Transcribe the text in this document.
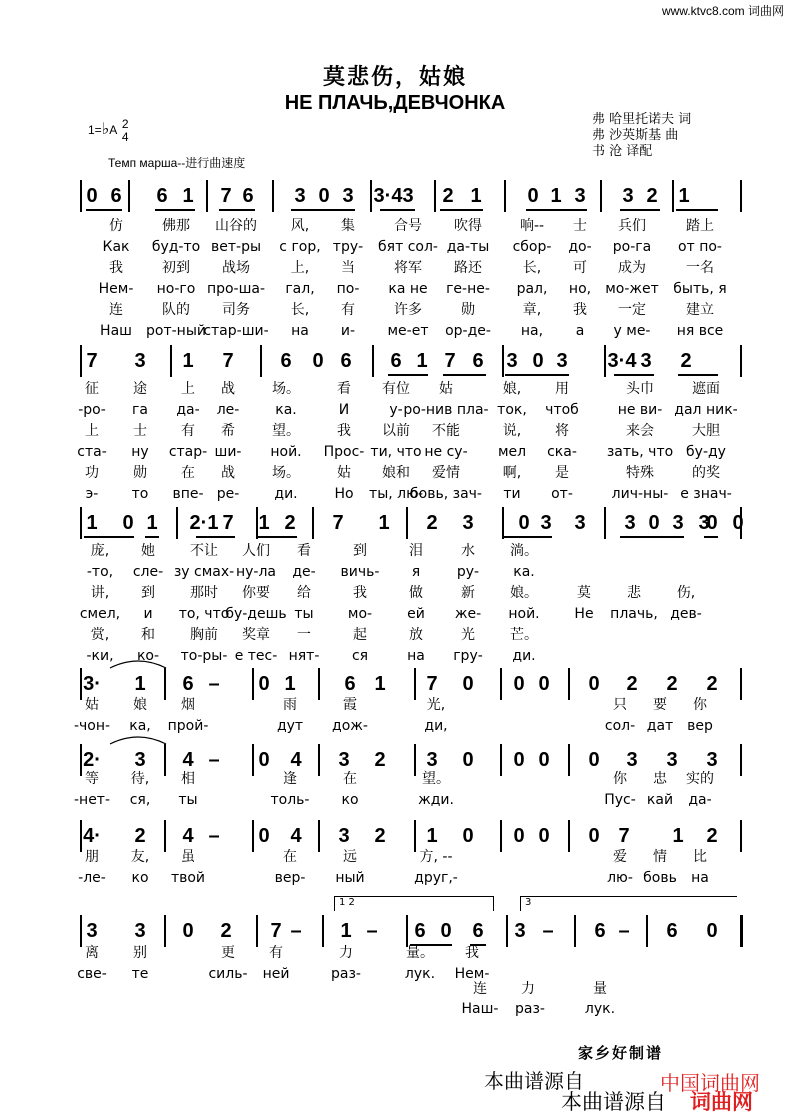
www.ktvc8.com 词曲网
莫悲伤，姑娘
НЕ ПЛАЧЬ,ДЕВЧОНКА
弗 哈里托诺夫 词
弗 沙英斯基 曲
书 沧 译配
1=♭A 2
4
Темп марша--进行曲速度
0 6 6 1 7 6 3 0 3 3·4 3 2 1 0 1 3 3 2 1
仿	佛那 山谷的 风, 集	合号 吹得	响-- 士 兵们	踏上
Как буд-то вет-ры с гор, тру- бят сол- да-ты сбор- до- ро-га от по-
我	初到 战场	上, 当	将军 路还	长, 可 成为	一名
Нем- но-го про-ша- гал, по- ка не ге-не- рал, но, мо-жет быть, я
连	队的 司务	长, 有	许多	勋	章, 我 一定	建立
Наш рот-ный
стар-ши- на и- ме-ет ор-де- на, а у ме- ня все
7 3 1 7 6 0 6 6 1 7 6 3 0 3 3·4 3 2
征 途 上 战	场。	看 有位 姑	娘, 用	头巾	遮面
-ро- га да- ле-	ка.	И	у- ро-нив пла- ток, чтоб	не ви- дал ник-
上 士 有 希	望。	我 以前 不能	说, 将	来会	大胆
ста- ну стар- ши- ной. Прос- ти, что не су- мел ска- зать, что бу-ду
功 勋 在 战	场。	姑 娘和 爱情	啊, 是	特殊	的奖
э- то впе- ре-	ди.	Но ты, лю-
бовь, зач- ти от-	лич-ны- е знач-
1 0 1 2·1 7 1 2 7 1 2 3 0 3 3 3 0 3 0
3 0
庞, 她	不让 人们 看	到	泪	水	淌。
-то, сле- зу смах- ну-ла де- вичь- я	ру- ка.
讲, 到	那时 你要 给	我	做	新	娘。	莫	悲	伤,
смел, и то, что
бу-дешь ты мо-	ей же- ной. Не плачь, дев-
赏, 和	胸前 奖章 一	起	放	光	芒。
-ки, ко- то-ры- е тес- нят- ся	на гру- ди.
3· 1 6 – 0 1 6 1 7 0 0 0 0 2 2 2
姑 娘 烟	雨	霞	光,	只 要 你
-чон- ка, прой-	дут дож-	ди,	сол- дат вер
2· 3 4 – 0 4 3 2 3 0 0 0 0 3 3 3
等 待, 相	逢	在	望。	你 忠 实的
-нет- ся, ты	толь- ко	жди.	Пус- кай да-
4· 2 4 – 0 4 3 2 1 0 0 0 0 7 1 2
朋 友, 虽	在	远	方, --	爱 情 比
-ле- ко твой	вер- ный	друг,-	лю- бовь на
3 3 0 2 7 – 1 – 6 0 6 3 – 6 – 6 0
离 别	更 有	力	量。 我
све- те	силь- ней	раз-	лук. Нем-
连 力	量
Наш- раз-	лук.
1 2	3
家乡好制谱
本曲谱源自	中国词曲网
本曲谱源自 词曲网
